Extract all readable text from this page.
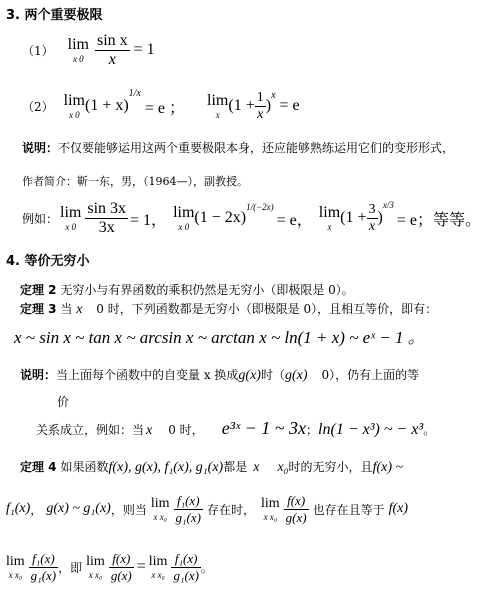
3. 两个重要极限
（1） lim
x $0 \frac{\text{sin x}}{x} = 1$
（2） lim
x 0
(1 + x)
$^{1/x}$
= e ； lim
x
($1 + \frac{1}{x}$ )
$^x$
= e
说明：不仅要能够运用这两个重要极限本身，还应能够熟练运用它们的变形形式，
作者简介：靳一东，男，（1964—），副教授。
例如： lim
x $0 \frac{\sin 3x}{3x} = 1$， lim
x 0
(1 − 2x)
$^{1/(-2x)}$
= e， lim
x
($1 + \frac{3}{x}$ )
$^{x/3}$
= e；等等。
4. 等价无穷小
定理 2 无穷小与有界函数的乘积仍然是无穷小（即极限是 0）。
定理 3 当 x 0 时，下列函数都是无穷小（即极限是 0），且相互等价，即有：
x ~ sin x ~ tan x ~ arcsin x ~ arctan x ~ ln(1 + x) ~ eˣ − 1 。
说明： 当上面每个函数中的自变量 x 换成 g(x) 时（ g(x) 0），仍有上面的等
价
关系成立，例如：当 x 0 时， e³ˣ − 1 ~ 3x ； ln(1 − x³) ~ − x³ 。
定理 4 如果函数 f(x), g(x), f₁(x), g₁(x) 都是 x x₀ 时的无穷小，且 f(x) ~
f₁(x) ， g(x) ~ g₁(x) ，则当 lim
x $x_0 \frac{\text{f₁(x)}}{\text{g₁(x)}}$ 存在时， lim
x $x_0 \frac{f(x)}{g(x)}$ 也存在且等于 f(x)
lim
x $x_0 \frac{\text{f₁(x)}}{\text{g₁(x)}}$ ，即 lim
x $x_0 \frac{f(x)}{g(x)} = \lim$
x $x_0 \frac{\text{f₁(x)}}{\text{g₁(x)}}$ 。
